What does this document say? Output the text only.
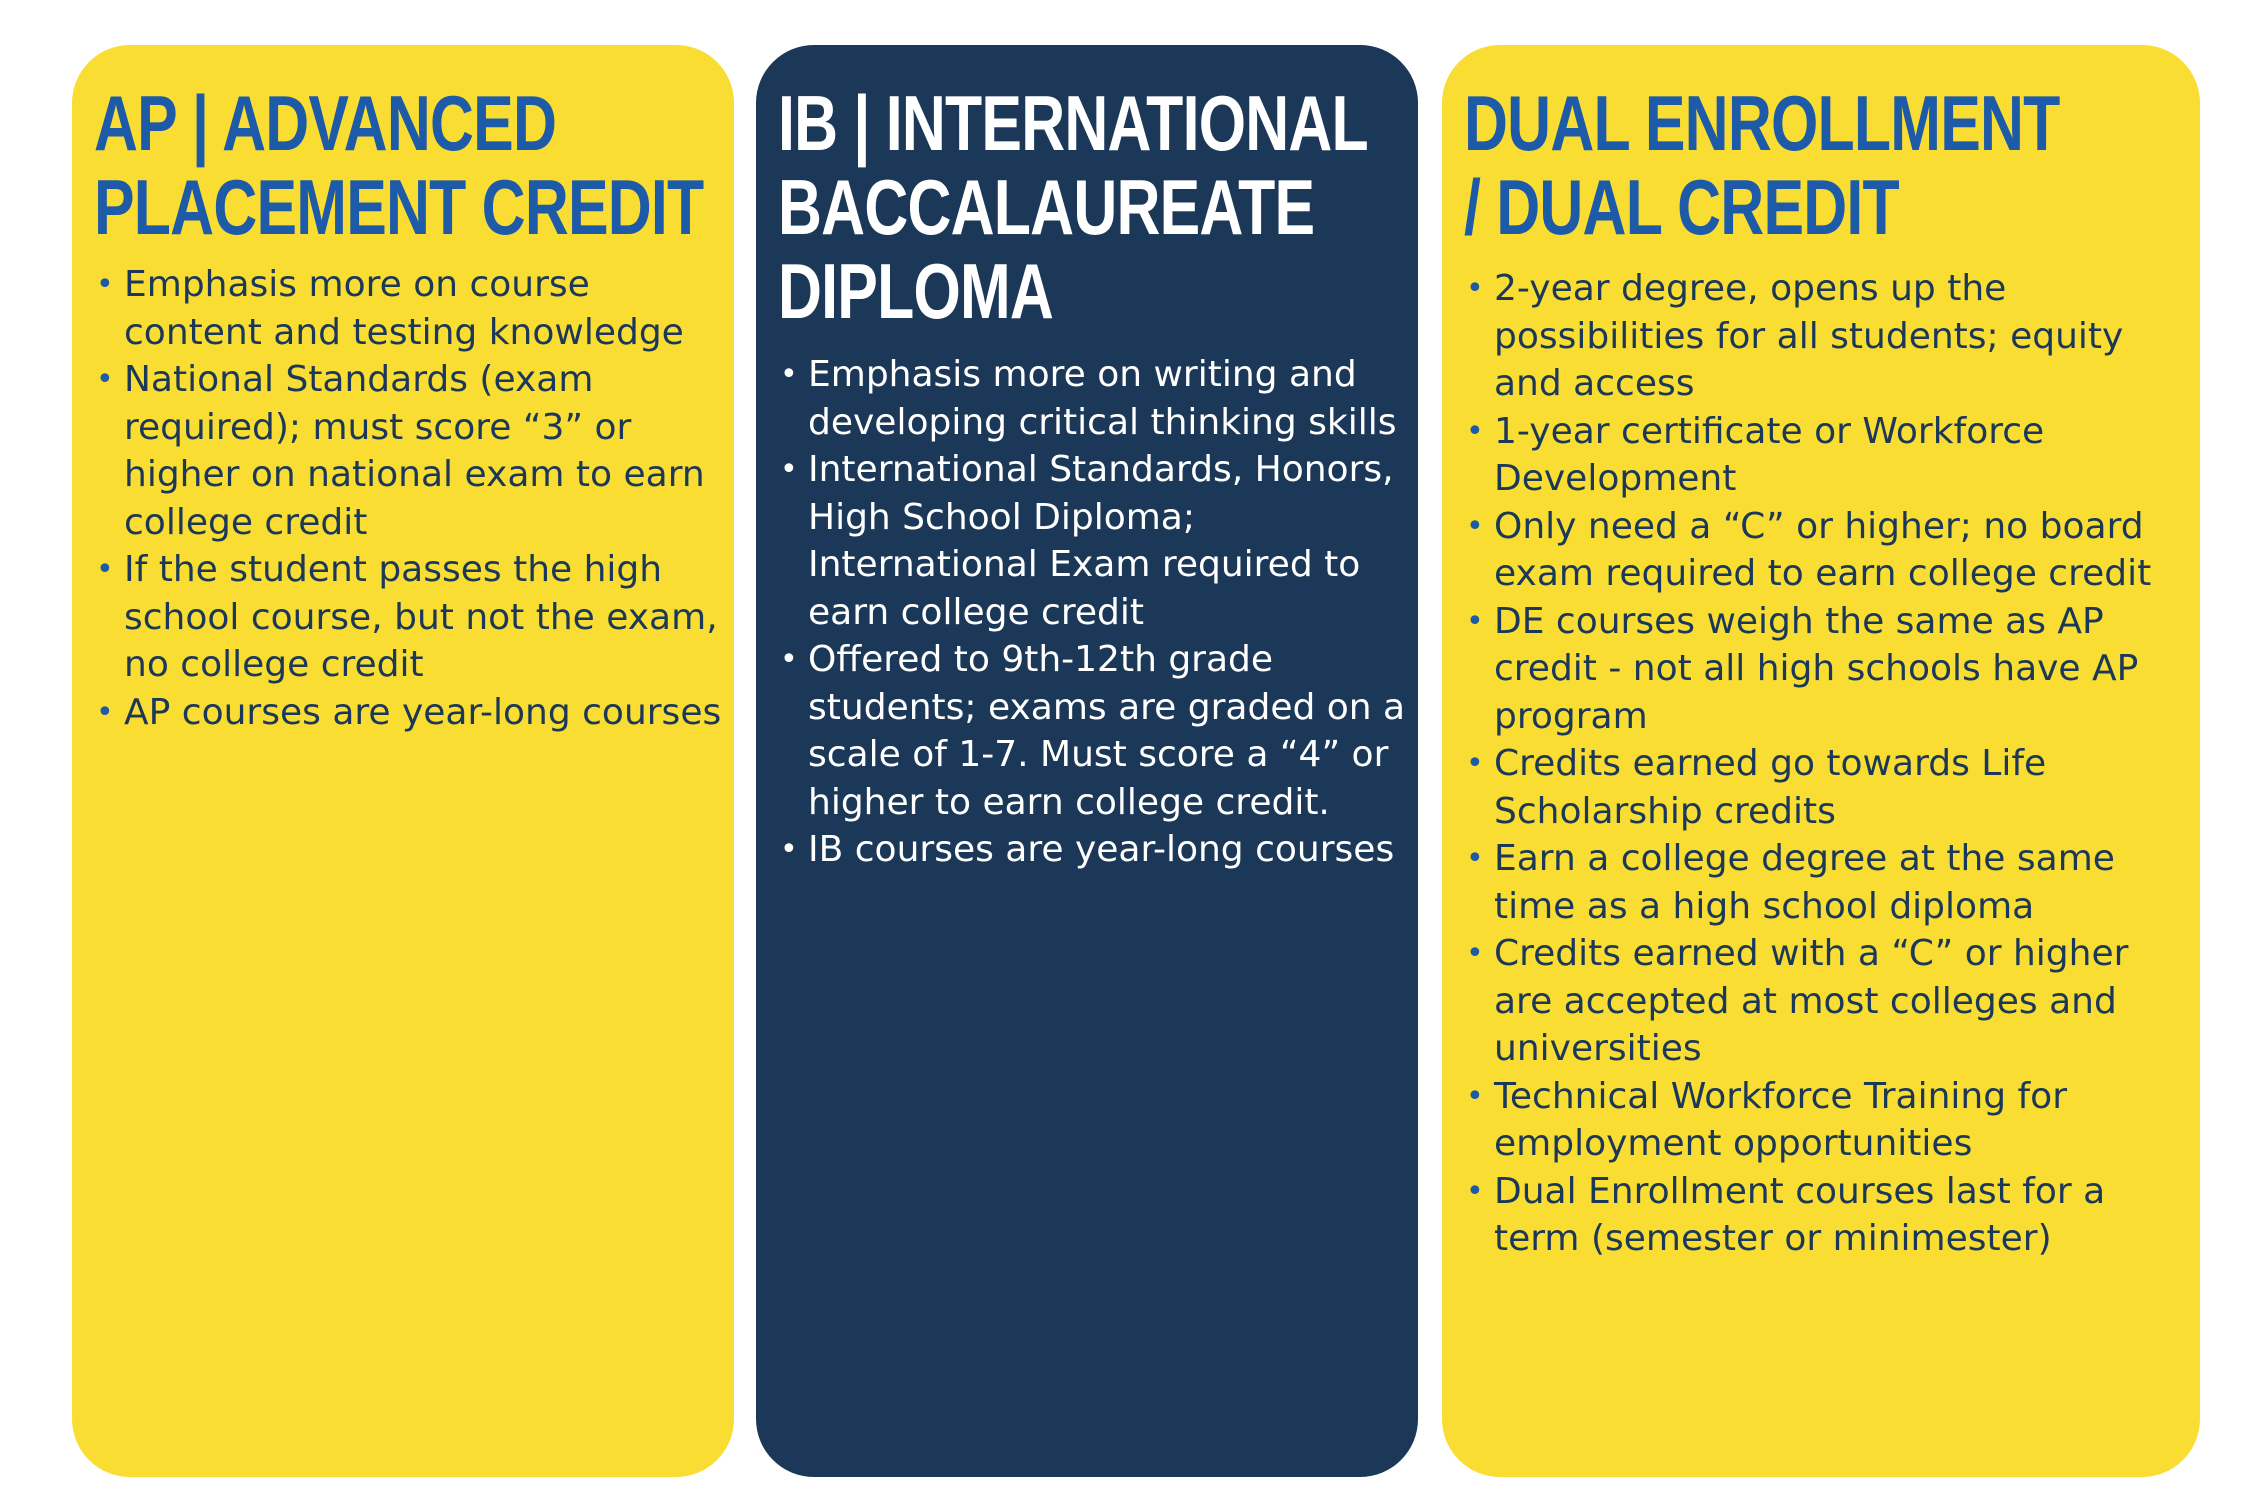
AP | ADVANCED
PLACEMENT CREDIT
• Emphasis more on course content and testing knowledge
• National Standards (exam required); must score “3” or higher on national exam to earn college credit
• If the student passes the high school course, but not the exam, no college credit
• AP courses are year-long courses
IB | INTERNATIONAL
BACCALAUREATE
DIPLOMA
• Emphasis more on writing and developing critical thinking skills
• International Standards, Honors, High School Diploma; International Exam required to earn college credit
• Offered to 9th-12th grade students; exams are graded on a scale of 1-7. Must score a “4” or higher to earn college credit.
• IB courses are year-long courses
DUAL ENROLLMENT
/ DUAL CREDIT
• 2-year degree, opens up the possibilities for all students; equity and access
• 1-year certificate or Workforce Development
• Only need a “C” or higher; no board exam required to earn college credit
• DE courses weigh the same as AP credit - not all high schools have AP program
• Credits earned go towards Life Scholarship credits
• Earn a college degree at the same time as a high school diploma
• Credits earned with a “C” or higher are accepted at most colleges and universities
• Technical Workforce Training for employment opportunities
• Dual Enrollment courses last for a term (semester or minimester)
